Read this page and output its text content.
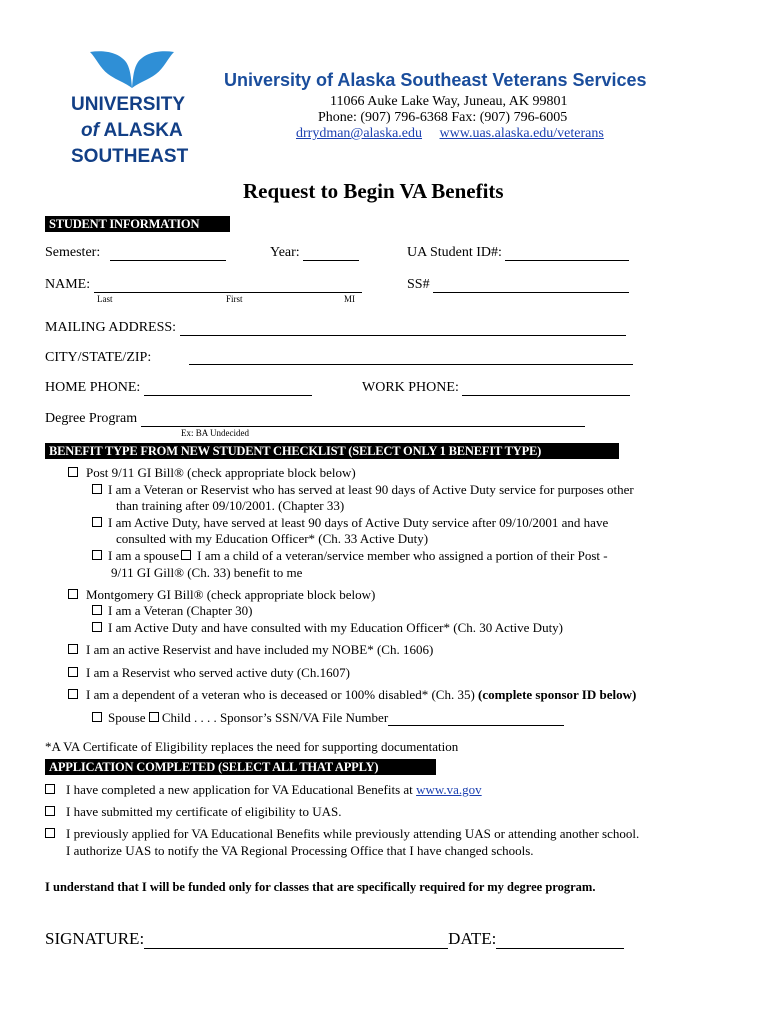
UNIVERSITY
of ALASKA
SOUTHEAST
University of Alaska Southeast Veterans Services
11066 Auke Lake Way, Juneau, AK 99801
Phone: (907) 796-6368 Fax: (907) 796-6005
drrydman@alaska.edu www.uas.alaska.edu/veterans
Request to Begin VA Benefits
STUDENT INFORMATION
Semester:	Year:	UA Student ID#:
NAME:	SS#
Last	First	MI
MAILING ADDRESS:
CITY/STATE/ZIP:
HOME PHONE:	WORK PHONE:
Degree Program
Ex: BA Undecided
BENEFIT TYPE FROM NEW STUDENT CHECKLIST (SELECT ONLY 1 BENEFIT TYPE)
Post 9/11 GI Bill® (check appropriate block below)
I am a Veteran or Reservist who has served at least 90 days of Active Duty service for purposes other
than training after 09/10/2001. (Chapter 33)
I am Active Duty, have served at least 90 days of Active Duty service after 09/10/2001 and have
consulted with my Education Officer* (Ch. 33 Active Duty)
I am a spouse I am a child of a veteran/service member who assigned a portion of their Post -
9/11 GI Gill® (Ch. 33) benefit to me
Montgomery GI Bill® (check appropriate block below)
I am a Veteran (Chapter 30)
I am Active Duty and have consulted with my Education Officer* (Ch. 30 Active Duty)
I am an active Reservist and have included my NOBE* (Ch. 1606)
I am a Reservist who served active duty (Ch.1607)
I am a dependent of a veteran who is deceased or 100% disabled* (Ch. 35) (complete sponsor ID below)
Spouse Child . . . . Sponsor’s SSN/VA File Number
*A VA Certificate of Eligibility replaces the need for supporting documentation
APPLICATION COMPLETED (SELECT ALL THAT APPLY)
I have completed a new application for VA Educational Benefits at www.va.gov
I have submitted my certificate of eligibility to UAS.
I previously applied for VA Educational Benefits while previously attending UAS or attending another school.
I authorize UAS to notify the VA Regional Processing Office that I have changed schools.
I understand that I will be funded only for classes that are specifically required for my degree program.
SIGNATURE:	DATE:
